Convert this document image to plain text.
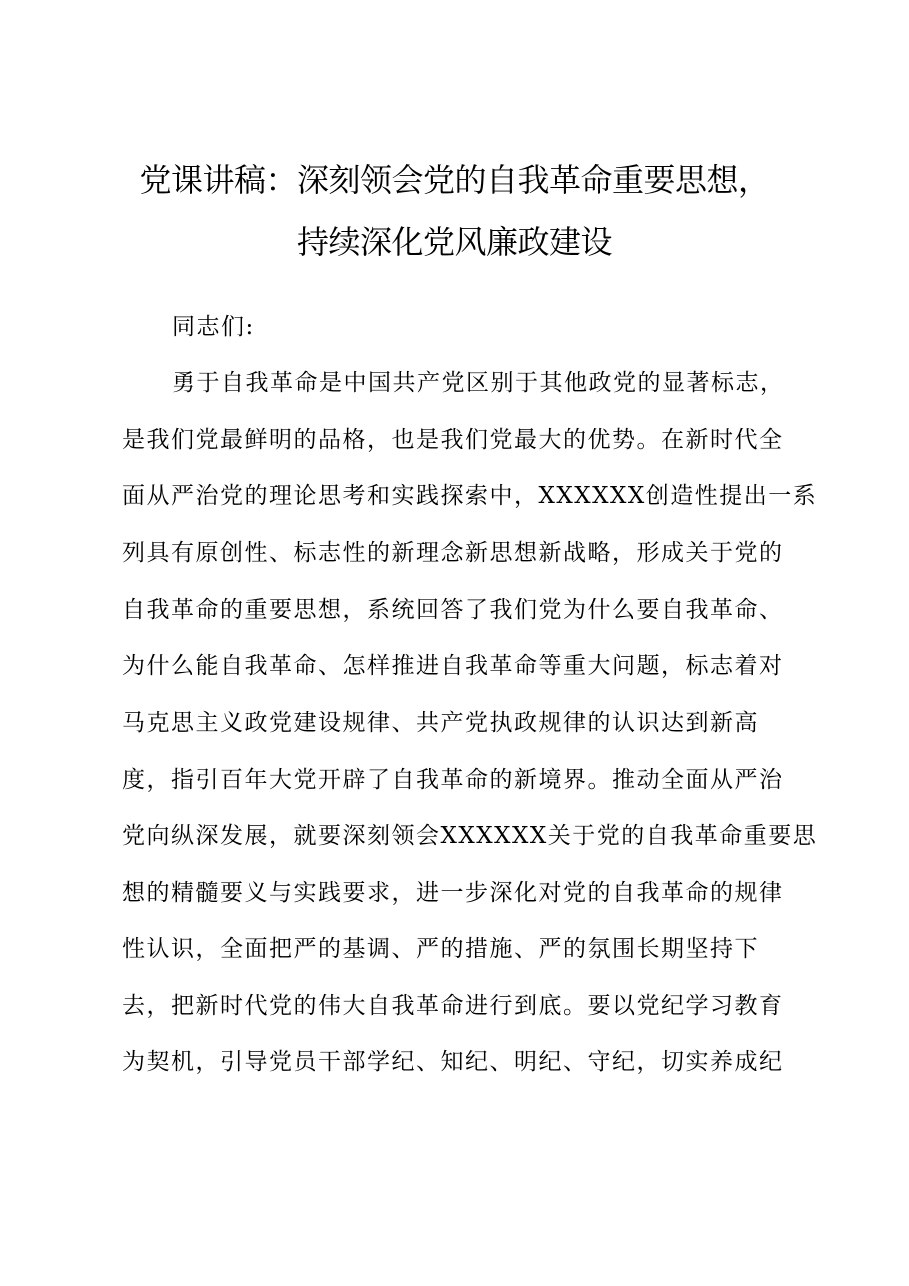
党课讲稿：深刻领会党的自我革命重要思想，
持续深化党风廉政建设
同志们:
勇于自我革命是中国共产党区别于其他政党的显著标志，
是我们党最鲜明的品格，也是我们党最大的优势。在新时代全
面从严治党的理论思考和实践探索中，XXXXXX创造性提出一系
列具有原创性、标志性的新理念新思想新战略，形成关于党的
自我革命的重要思想，系统回答了我们党为什么要自我革命、
为什么能自我革命、怎样推进自我革命等重大问题，标志着对
马克思主义政党建设规律、共产党执政规律的认识达到新高
度，指引百年大党开辟了自我革命的新境界。推动全面从严治
党向纵深发展，就要深刻领会XXXXXX关于党的自我革命重要思
想的精髓要义与实践要求，进一步深化对党的自我革命的规律
性认识，全面把严的基调、严的措施、严的氛围长期坚持下
去，把新时代党的伟大自我革命进行到底。要以党纪学习教育
为契机，引导党员干部学纪、知纪、明纪、守纪，切实养成纪
